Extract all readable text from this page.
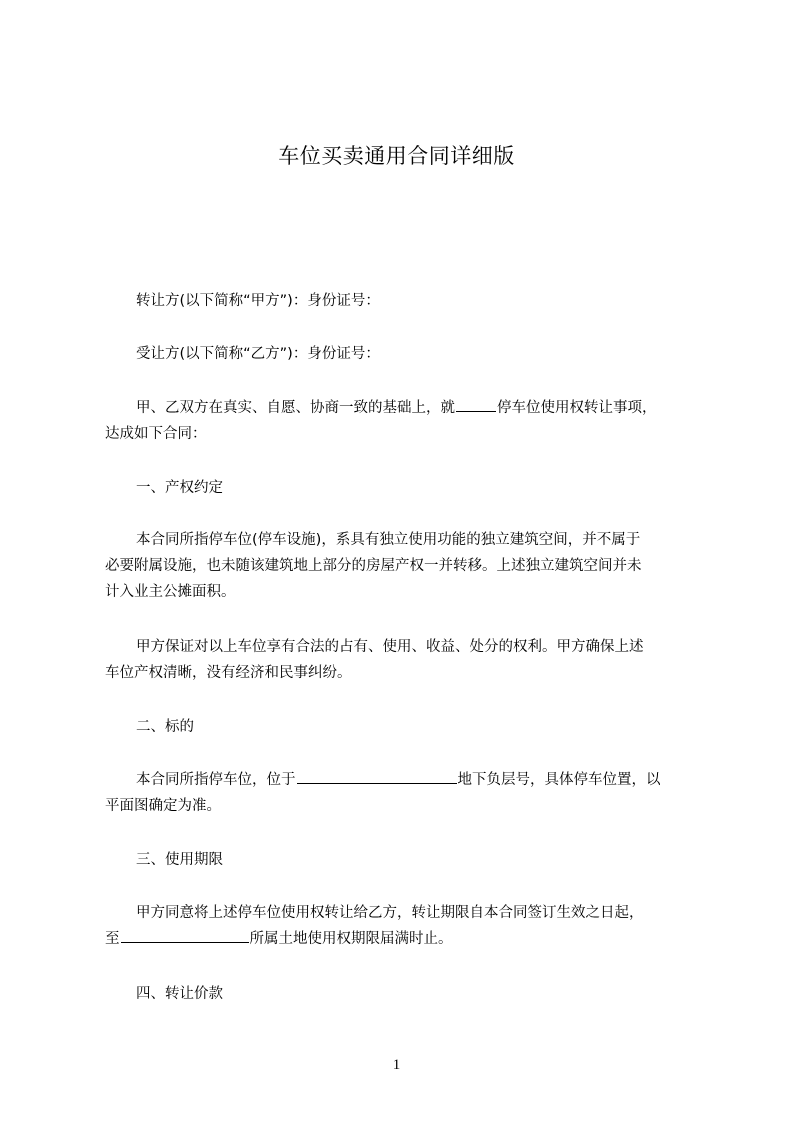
车位买卖通用合同详细版
转让方(以下简称“甲方”)：身份证号：
受让方(以下简称“乙方”)：身份证号：
甲、乙双方在真实、自愿、协商一致的基础上，就	停车位使用权转让事项，
达成如下合同：
一、产权约定
本合同所指停车位(停车设施)，系具有独立使用功能的独立建筑空间，并不属于
必要附属设施，也未随该建筑地上部分的房屋产权一并转移。上述独立建筑空间并未
计入业主公摊面积。
甲方保证对以上车位享有合法的占有、使用、收益、处分的权利。甲方确保上述
车位产权清晰，没有经济和民事纠纷。
二、标的
本合同所指停车位，位于	地下负层号，具体停车位置，以
平面图确定为准。
三、使用期限
甲方同意将上述停车位使用权转让给乙方，转让期限自本合同签订生效之日起，
至	所属土地使用权期限届满时止。
四、转让价款
1
